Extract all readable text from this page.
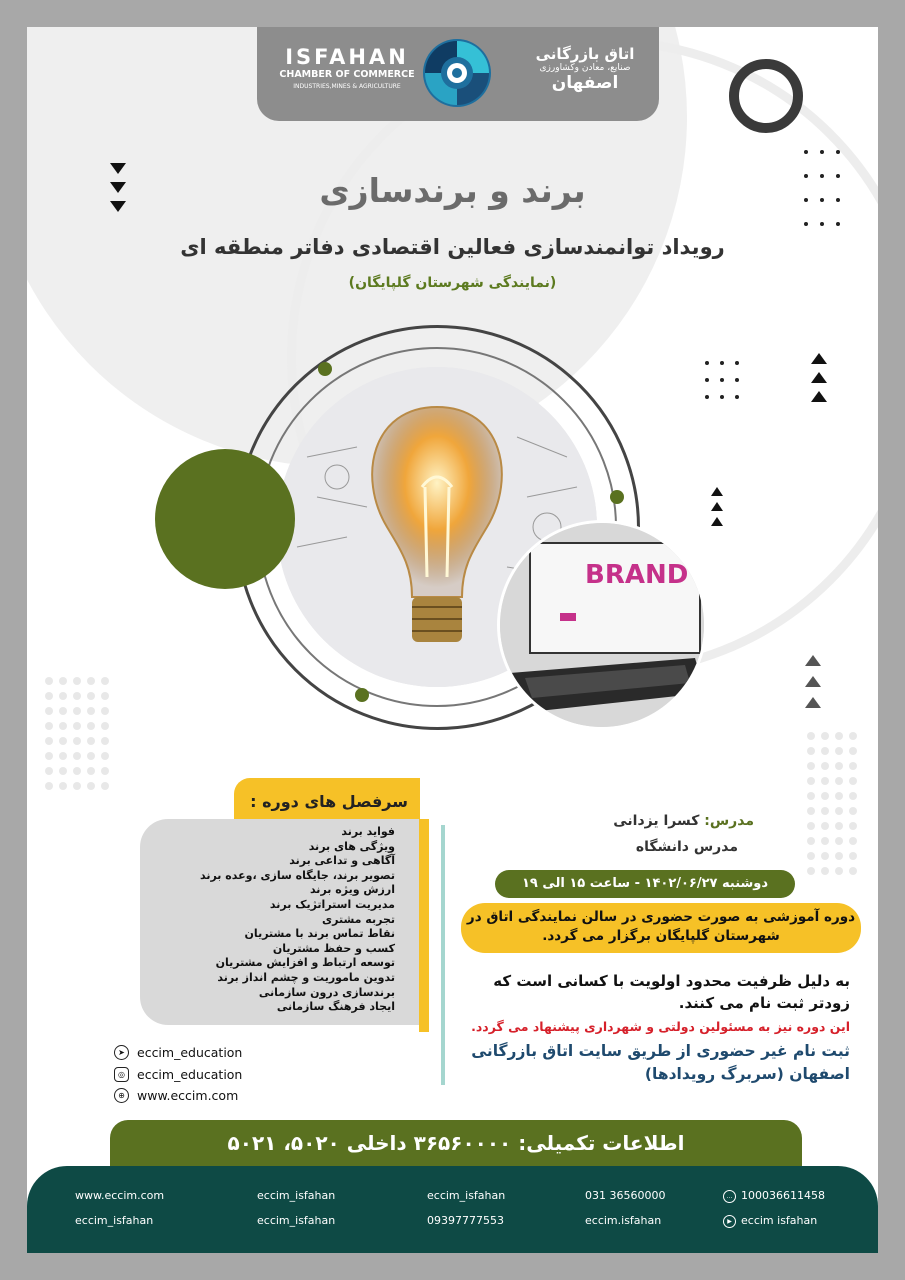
ISFAHAN
CHAMBER OF COMMERCE
INDUSTRIES,MINES & AGRICULTURE
اتاق بازرگانی
صنایع، معادن وکشاورزی
اصفهان
برند و برندسازی
رویداد توانمندسازی فعالین اقتصادی دفاتر منطقه ای
(نمایندگی شهرستان گلپایگان)
BRAND
سرفصل های دوره :
فواید برند
ویژگی های برند
آگاهی و تداعی برند
تصویر برند، جایگاه سازی ،وعده برند
ارزش ویژه برند
مدیریت استراتژیک برند
تجربه مشتری
نقاط تماس برند با مشتریان
کسب و حفظ مشتریان
توسعه ارتباط و افزایش مشتریان
تدوین ماموریت و چشم انداز برند
برندسازی درون سازمانی
ایجاد فرهنگ سازمانی
➤ eccim_education
◎ eccim_education
⊕ www.eccim.com
مدرس: کسرا یزدانی
مدرس دانشگاه
دوشنبه ۱۴۰۲/۰۶/۲۷ - ساعت ۱۵ الی ۱۹
دوره آموزشی به صورت حضوری در سالن نمایندگی اتاق در شهرستان گلپایگان برگزار می گردد.
به دلیل ظرفیت محدود اولویت با کسانی است که زودتر ثبت نام می کنند.
این دوره نیز به مسئولین دولتی و شهرداری پیشنهاد می گردد.
ثبت نام غیر حضوری از طریق سایت اتاق بازرگانی اصفهان (سربرگ رویدادها)
اطلاعات تکمیلی: ۳۶۵۶۰۰۰۰ داخلی ۵۰۲۰، ۵۰۲۱
www.eccim.com
eccim_isfahan
eccim_isfahan
eccim_isfahan
eccim_isfahan
09397777553
031 36560000
eccim.isfahan
… 100036611458
▶ eccim isfahan
